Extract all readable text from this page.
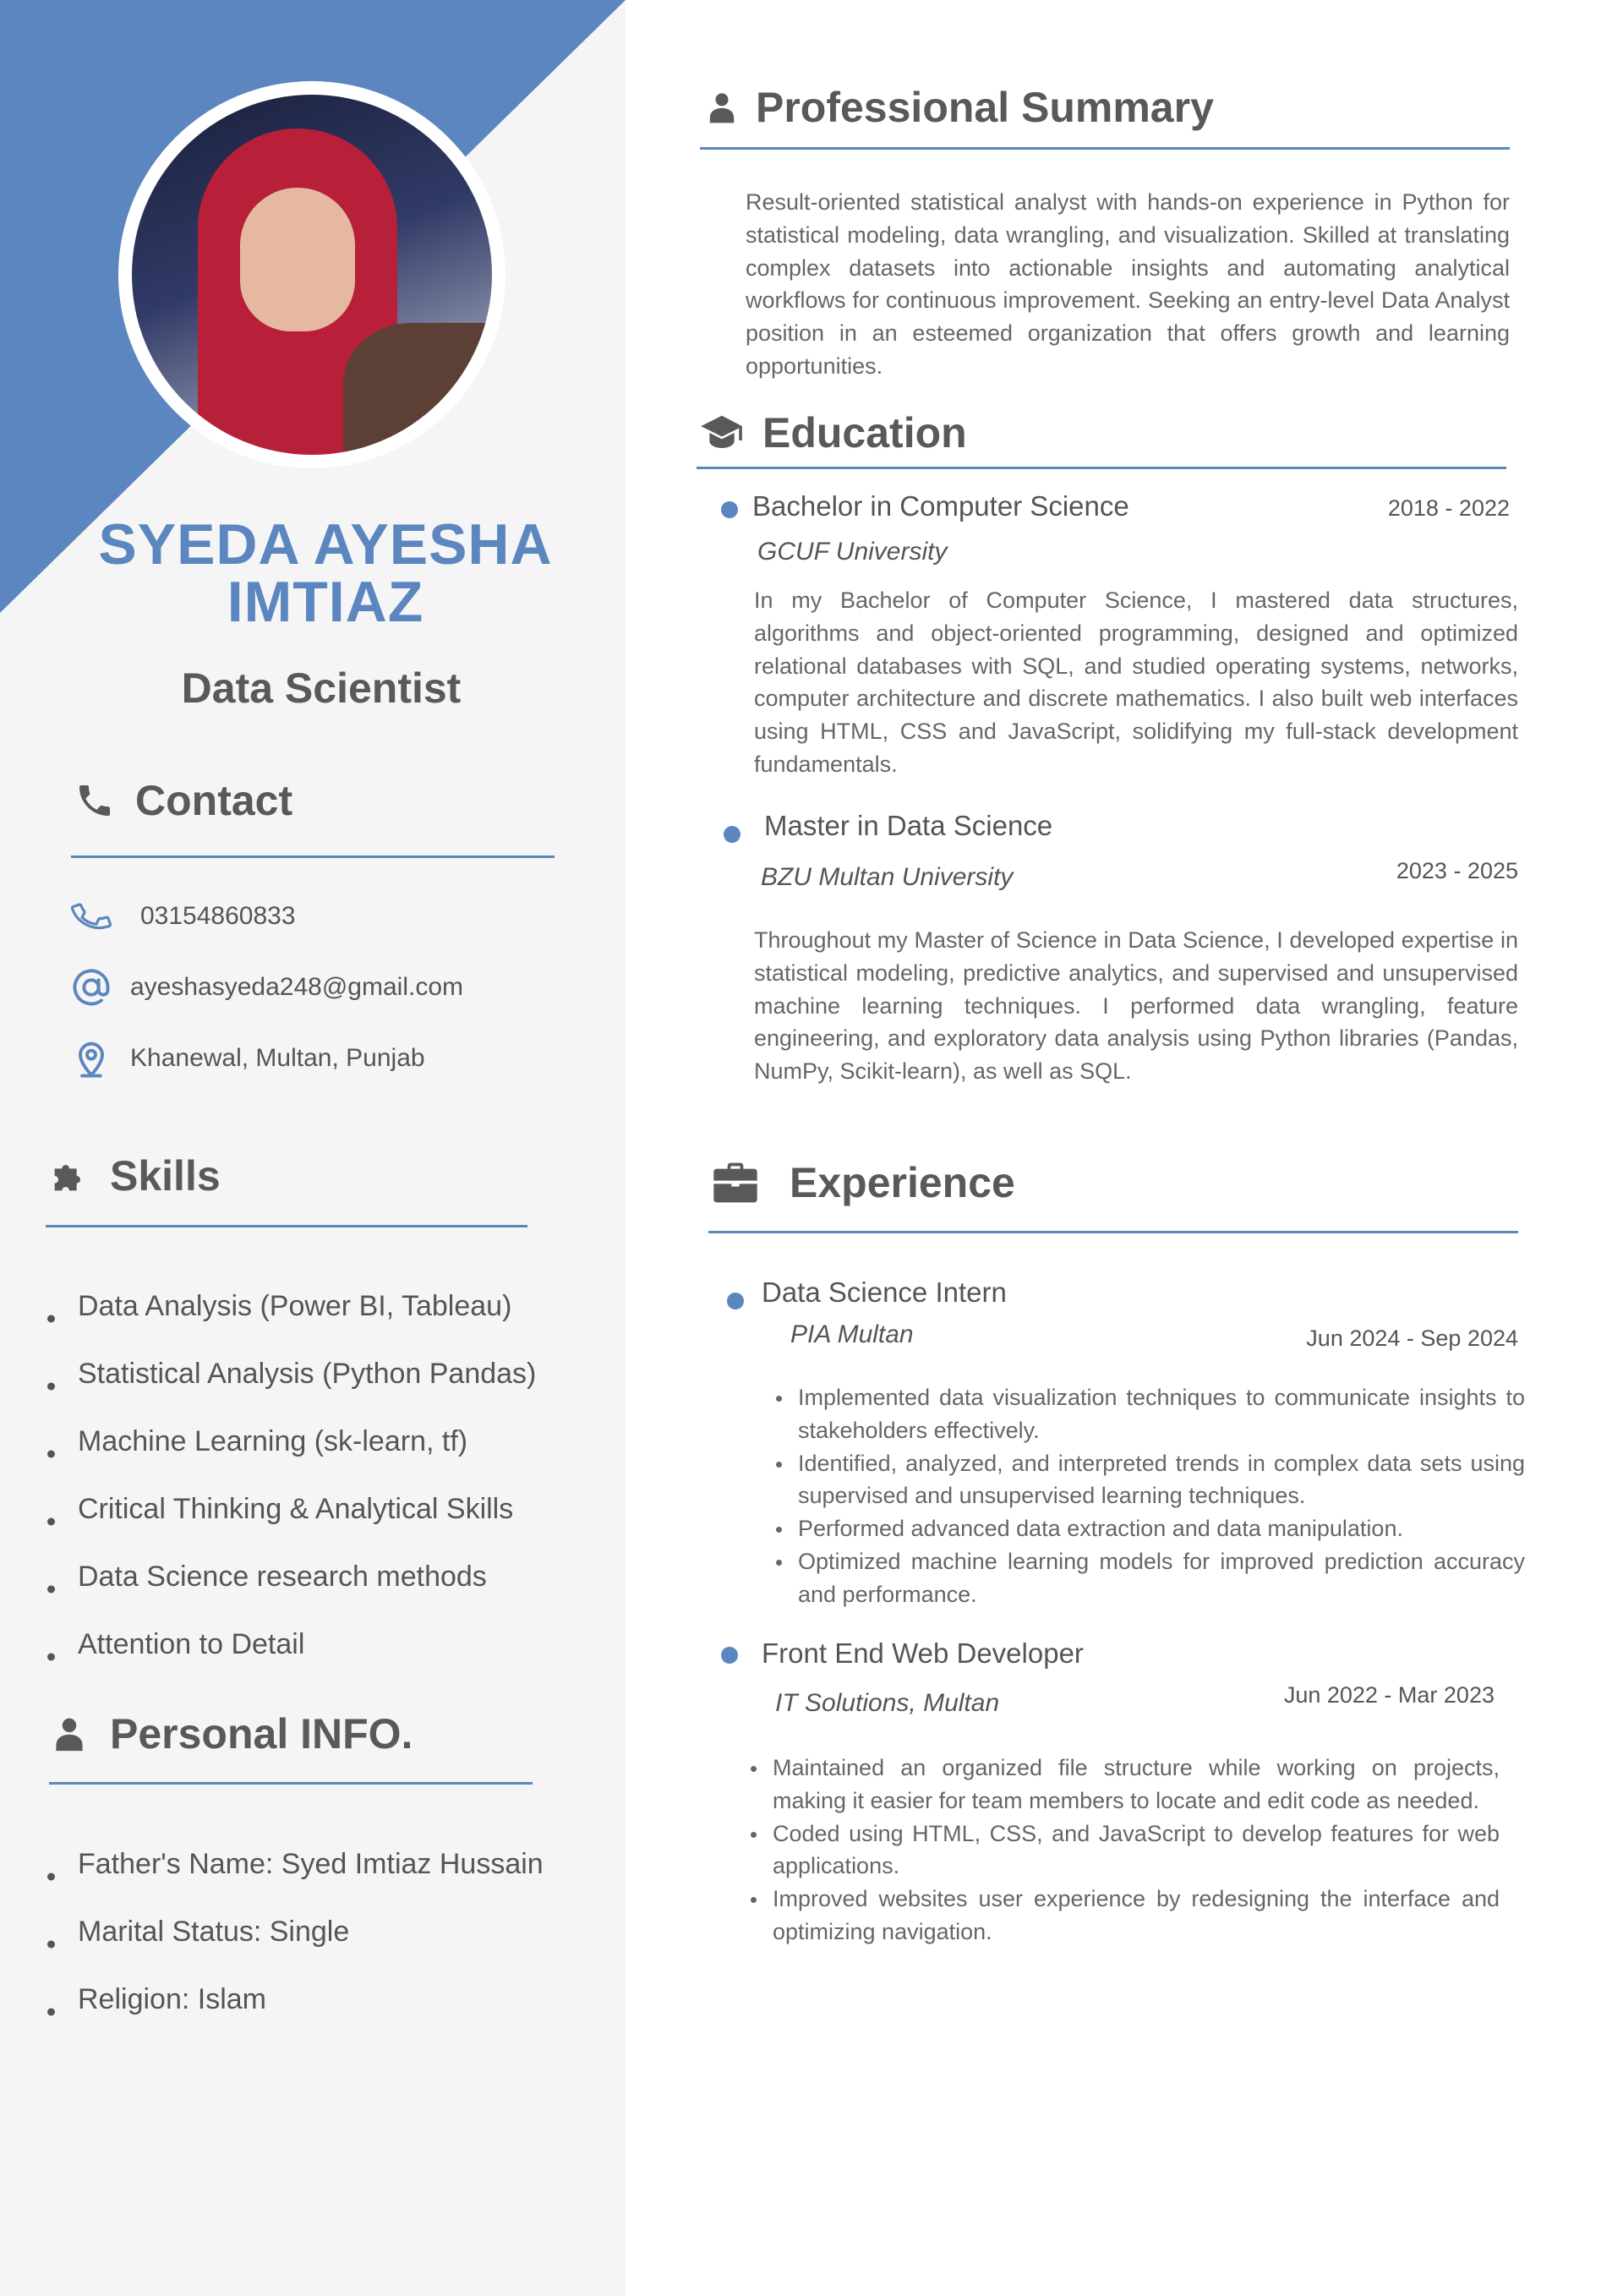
SYEDA AYESHA
IMTIAZ
Data Scientist
Contact
03154860833
ayeshasyeda248@gmail.com
Khanewal, Multan, Punjab
Skills
Data Analysis (Power BI, Tableau)
Statistical Analysis (Python Pandas)
Machine Learning (sk-learn, tf)
Critical Thinking & Analytical Skills
Data Science research methods
Attention to Detail
Personal INFO.
Father's Name: Syed Imtiaz Hussain
Marital Status: Single
Religion: Islam
Professional Summary

Result-oriented statistical analyst with hands-on experience in Python for statistical modeling, data wrangling, and visualization. Skilled at translating complex datasets into actionable insights and automating analytical workflows for continuous improvement. Seeking an entry-level Data Analyst position in an esteemed organization that offers growth and learning opportunities.

Education
Bachelor in Computer Science	2018 - 2022
GCUF University

In my Bachelor of Computer Science, I mastered data structures, algorithms and object-oriented programming, designed and optimized relational databases with SQL, and studied operating systems, networks, computer architecture and discrete mathematics. I also built web interfaces using HTML, CSS and JavaScript, solidifying my full-stack development fundamentals.

Master in Data Science
2023 - 2025
BZU Multan University

Throughout my Master of Science in Data Science, I developed expertise in statistical modeling, predictive analytics, and supervised and unsupervised machine learning techniques. I performed data wrangling, feature engineering, and exploratory data analysis using Python libraries (Pandas, NumPy, Scikit-learn), as well as SQL.

Experience
Data Science Intern
PIA Multan	Jun 2024 - Sep 2024
Implemented data visualization techniques to communicate insights to stakeholders effectively.
Identified, analyzed, and interpreted trends in complex data sets using supervised and unsupervised learning techniques.
Performed advanced data extraction and data manipulation.
Optimized machine learning models for improved prediction accuracy and performance.
Front End Web Developer
IT Solutions, Multan	Jun 2022 - Mar 2023
Maintained an organized file structure while working on projects, making it easier for team members to locate and edit code as needed.
Coded using HTML, CSS, and JavaScript to develop features for web applications.
Improved websites user experience by redesigning the interface and optimizing navigation.
